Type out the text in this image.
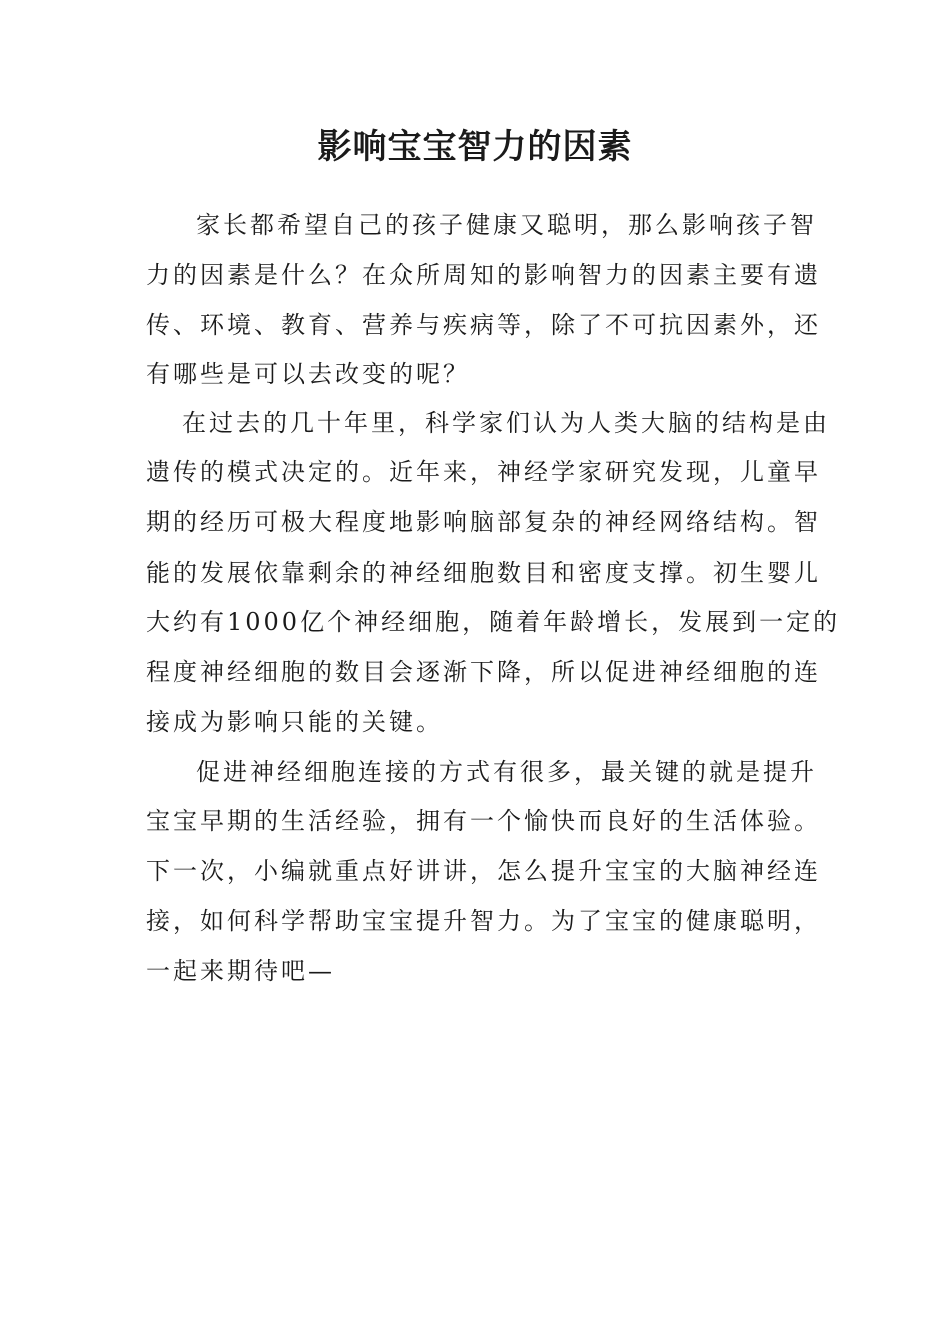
影响宝宝智力的因素

家长都希望自己的孩子健康又聪明，那么影响孩子智

力的因素是什么？在众所周知的影响智力的因素主要有遗

传、环境、教育、营养与疾病等，除了不可抗因素外，还

有哪些是可以去改变的呢？

在过去的几十年里，科学家们认为人类大脑的结构是由

遗传的模式决定的。近年来，神经学家研究发现，儿童早

期的经历可极大程度地影响脑部复杂的神经网络结构。智

能的发展依靠剩余的神经细胞数目和密度支撑。初生婴儿

大约有1000亿个神经细胞，随着年龄增长，发展到一定的

程度神经细胞的数目会逐渐下降，所以促进神经细胞的连

接成为影响只能的关键。

促进神经细胞连接的方式有很多，最关键的就是提升

宝宝早期的生活经验，拥有一个愉快而良好的生活体验。

下一次，小编就重点好讲讲，怎么提升宝宝的大脑神经连

接，如何科学帮助宝宝提升智力。为了宝宝的健康聪明，

一起来期待吧—
